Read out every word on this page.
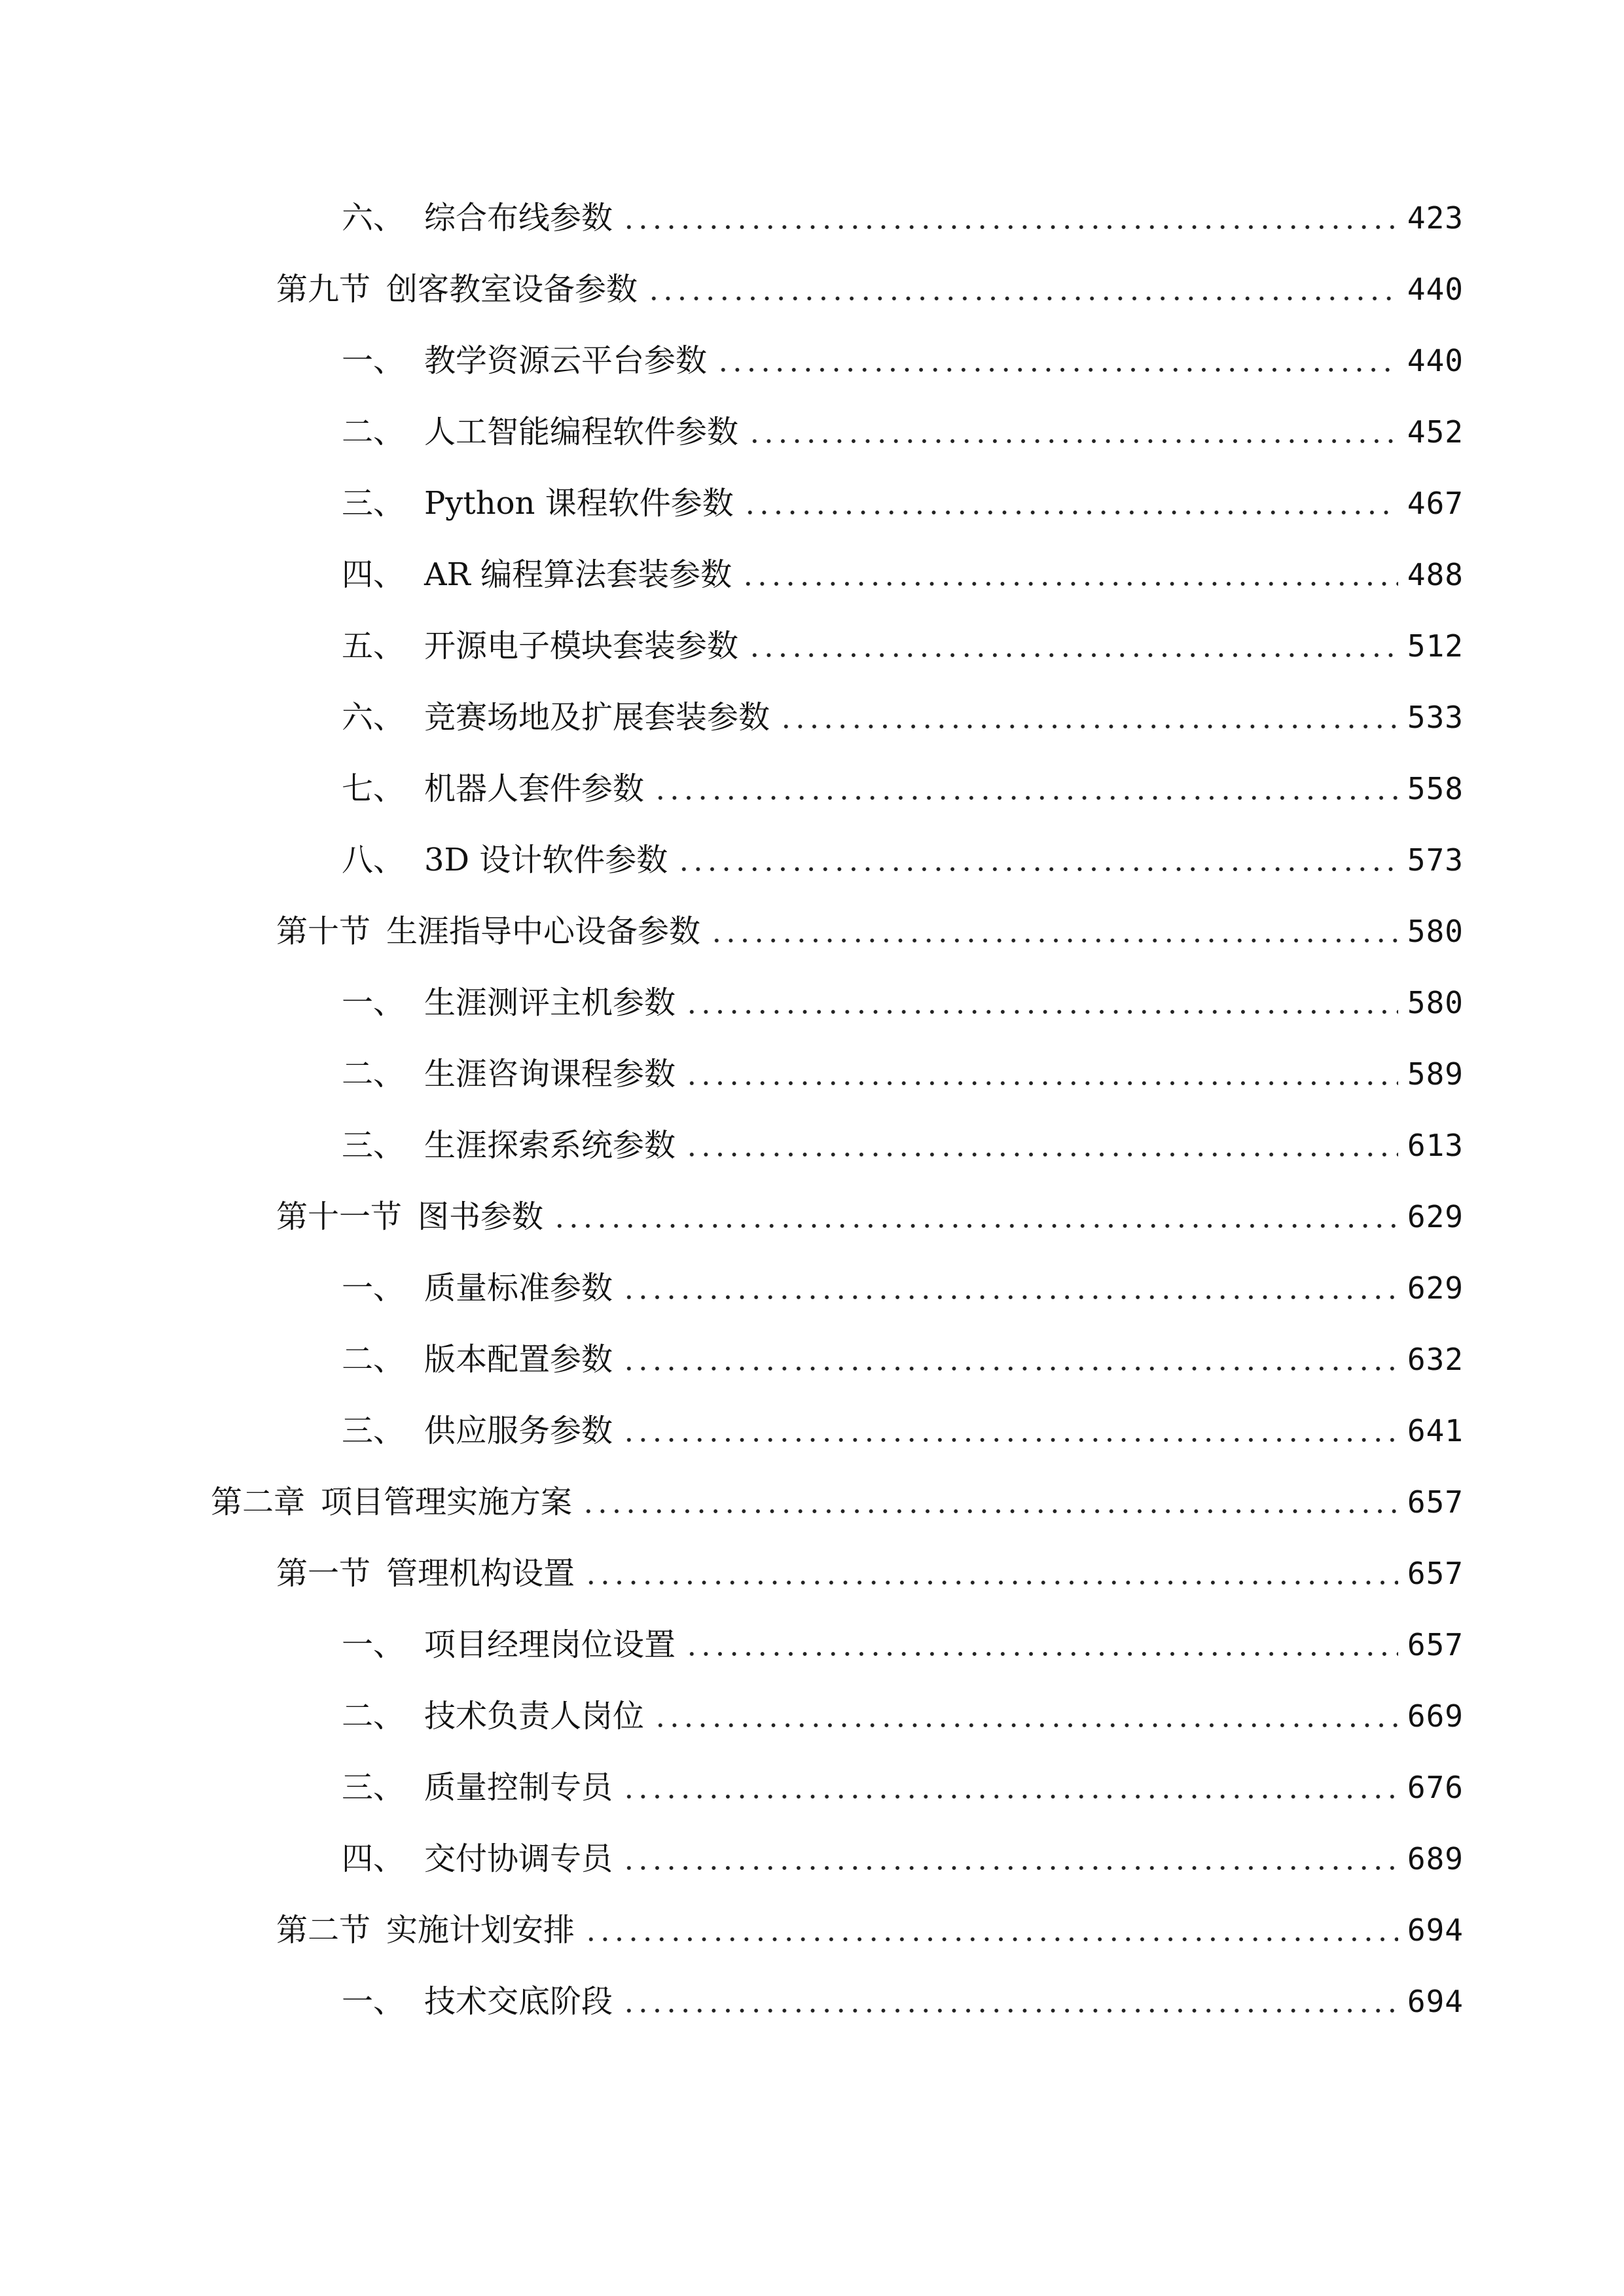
六、 综合布线参数	423
第九节 创客教室设备参数	440
一、 教学资源云平台参数	440
二、 人工智能编程软件参数	452
三、 Python 课程软件参数	467
四、 AR 编程算法套装参数	488
五、 开源电子模块套装参数	512
六、 竞赛场地及扩展套装参数	533
七、 机器人套件参数	558
八、 3D 设计软件参数	573
第十节 生涯指导中心设备参数	580
一、 生涯测评主机参数	580
二、 生涯咨询课程参数	589
三、 生涯探索系统参数	613
第十一节 图书参数	629
一、 质量标准参数	629
二、 版本配置参数	632
三、 供应服务参数	641
第二章 项目管理实施方案	657
第一节 管理机构设置	657
一、 项目经理岗位设置	657
二、 技术负责人岗位	669
三、 质量控制专员	676
四、 交付协调专员	689
第二节 实施计划安排	694
一、 技术交底阶段	694
